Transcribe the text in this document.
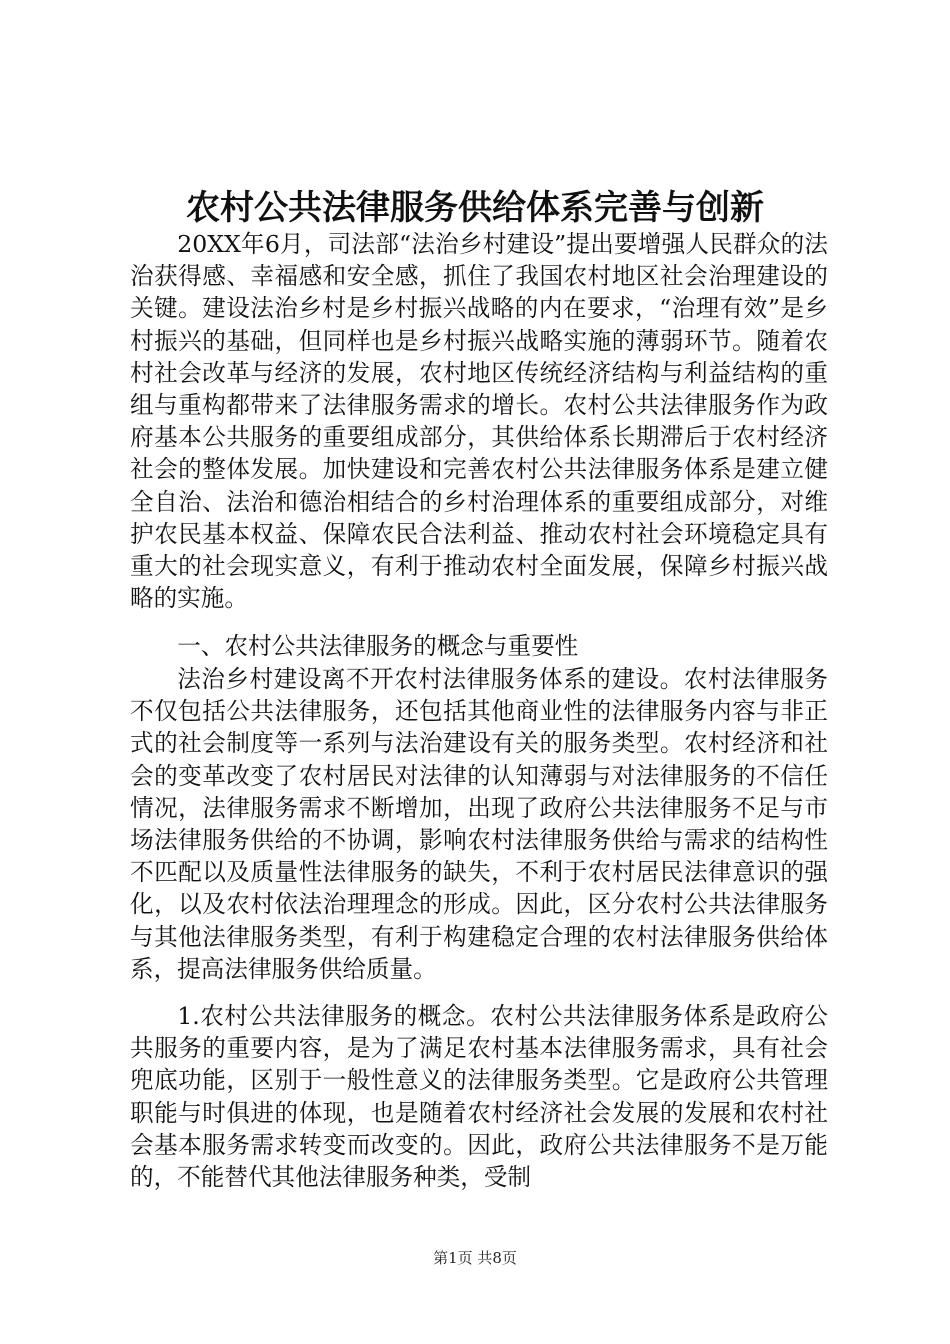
农村公共法律服务供给体系完善与创新

20XX年6月，司法部“法治乡村建设”提出要增强人民群众的法治获得感、幸福感和安全感，抓住了我国农村地区社会治理建设的关键。建设法治乡村是乡村振兴战略的内在要求，“治理有效”是乡村振兴的基础，但同样也是乡村振兴战略实施的薄弱环节。随着农村社会改革与经济的发展，农村地区传统经济结构与利益结构的重组与重构都带来了法律服务需求的增长。农村公共法律服务作为政府基本公共服务的重要组成部分，其供给体系长期滞后于农村经济社会的整体发展。加快建设和完善农村公共法律服务体系是建立健全自治、法治和德治相结合的乡村治理体系的重要组成部分，对维护农民基本权益、保障农民合法利益、推动农村社会环境稳定具有重大的社会现实意义，有利于推动农村全面发展，保障乡村振兴战略的实施。

一、农村公共法律服务的概念与重要性

法治乡村建设离不开农村法律服务体系的建设。农村法律服务不仅包括公共法律服务，还包括其他商业性的法律服务内容与非正式的社会制度等一系列与法治建设有关的服务类型。农村经济和社会的变革改变了农村居民对法律的认知薄弱与对法律服务的不信任情况，法律服务需求不断增加，出现了政府公共法律服务不足与市场法律服务供给的不协调，影响农村法律服务供给与需求的结构性不匹配以及质量性法律服务的缺失，不利于农村居民法律意识的强化，以及农村依法治理理念的形成。因此，区分农村公共法律服务与其他法律服务类型，有利于构建稳定合理的农村法律服务供给体系，提高法律服务供给质量。

1.农村公共法律服务的概念。农村公共法律服务体系是政府公共服务的重要内容，是为了满足农村基本法律服务需求，具有社会兜底功能，区别于一般性意义的法律服务类型。它是政府公共管理职能与时俱进的体现，也是随着农村经济社会发展的发展和农村社会基本服务需求转变而改变的。因此，政府公共法律服务不是万能的，不能替代其他法律服务种类，受制

第1页 共8页
